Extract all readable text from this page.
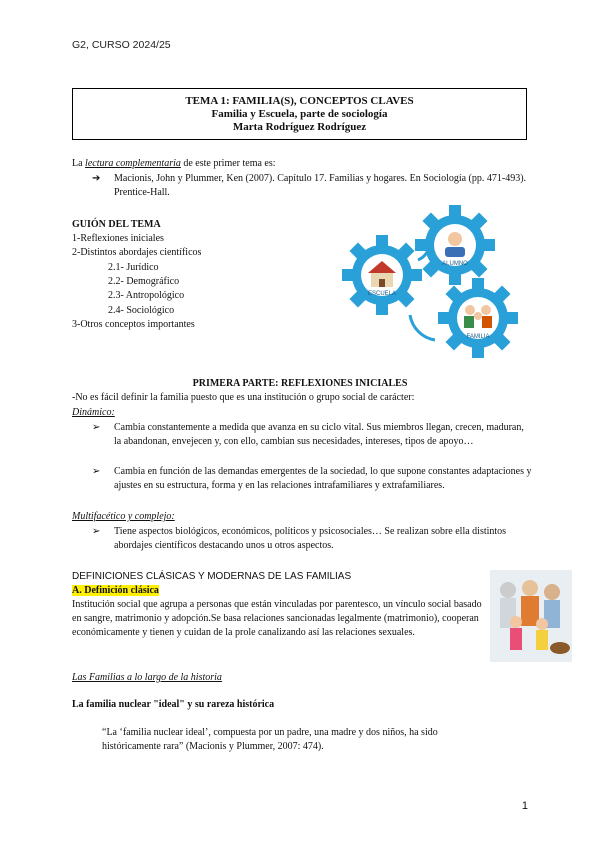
G2, CURSO 2024/25
TEMA 1: FAMILIA(S), CONCEPTOS CLAVES
Familia y Escuela, parte de sociología
Marta Rodríguez Rodríguez
La lectura complementaria de este primer tema es:
➔	Macionis, John y Plummer, Ken (2007). Capítulo 17. Familias y hogares. En Sociología (pp. 471-493). Prentice-Hall.
GUIÓN DEL TEMA
1-Reflexiones iniciales
2-Distintos abordajes científicos
2.1- Jurídico
2.2- Demográfico
2.3- Antropológico
2.4- Sociológico
3-Otros conceptos importantes
ALUMNO
ESCUELA
FAMILIA
PRIMERA PARTE: REFLEXIONES INICIALES
-No es fácil definir la familia puesto que es una institución o grupo social de carácter:
Dinámico:
➢	Cambia constantemente a medida que avanza en su ciclo vital. Sus miembros llegan, crecen, maduran, la abandonan, envejecen y, con ello, cambian sus necesidades, intereses, tipos de apoyo…
➢	Cambia en función de las demandas emergentes de la sociedad, lo que supone constantes adaptaciones y ajustes en su estructura, forma y en las relaciones intrafamiliares y extrafamiliares.
Multifacético y complejo:
➢	Tiene aspectos biológicos, económicos, políticos y psicosociales… Se realizan sobre ella distintos abordajes científicos destacando unos u otros aspectos.
DEFINICIONES CLÁSICAS Y MODERNAS DE LAS FAMILIAS
A. Definición clásica
Institución social que agrupa a personas que están vinculadas por parentesco, un vínculo social basado en sangre, matrimonio y adopción.Se basa relaciones sancionadas legalmente (matrimonio), cooperan económicamente y tienen y cuidan de la prole canalizando así las relaciones sexuales.
Las Familias a lo largo de la historia
La familia nuclear "ideal" y su rareza histórica
“La ‘familia nuclear ideal’, compuesta por un padre, una madre y dos niños, ha sido históricamente rara” (Macionis y Plummer, 2007: 474).
1
